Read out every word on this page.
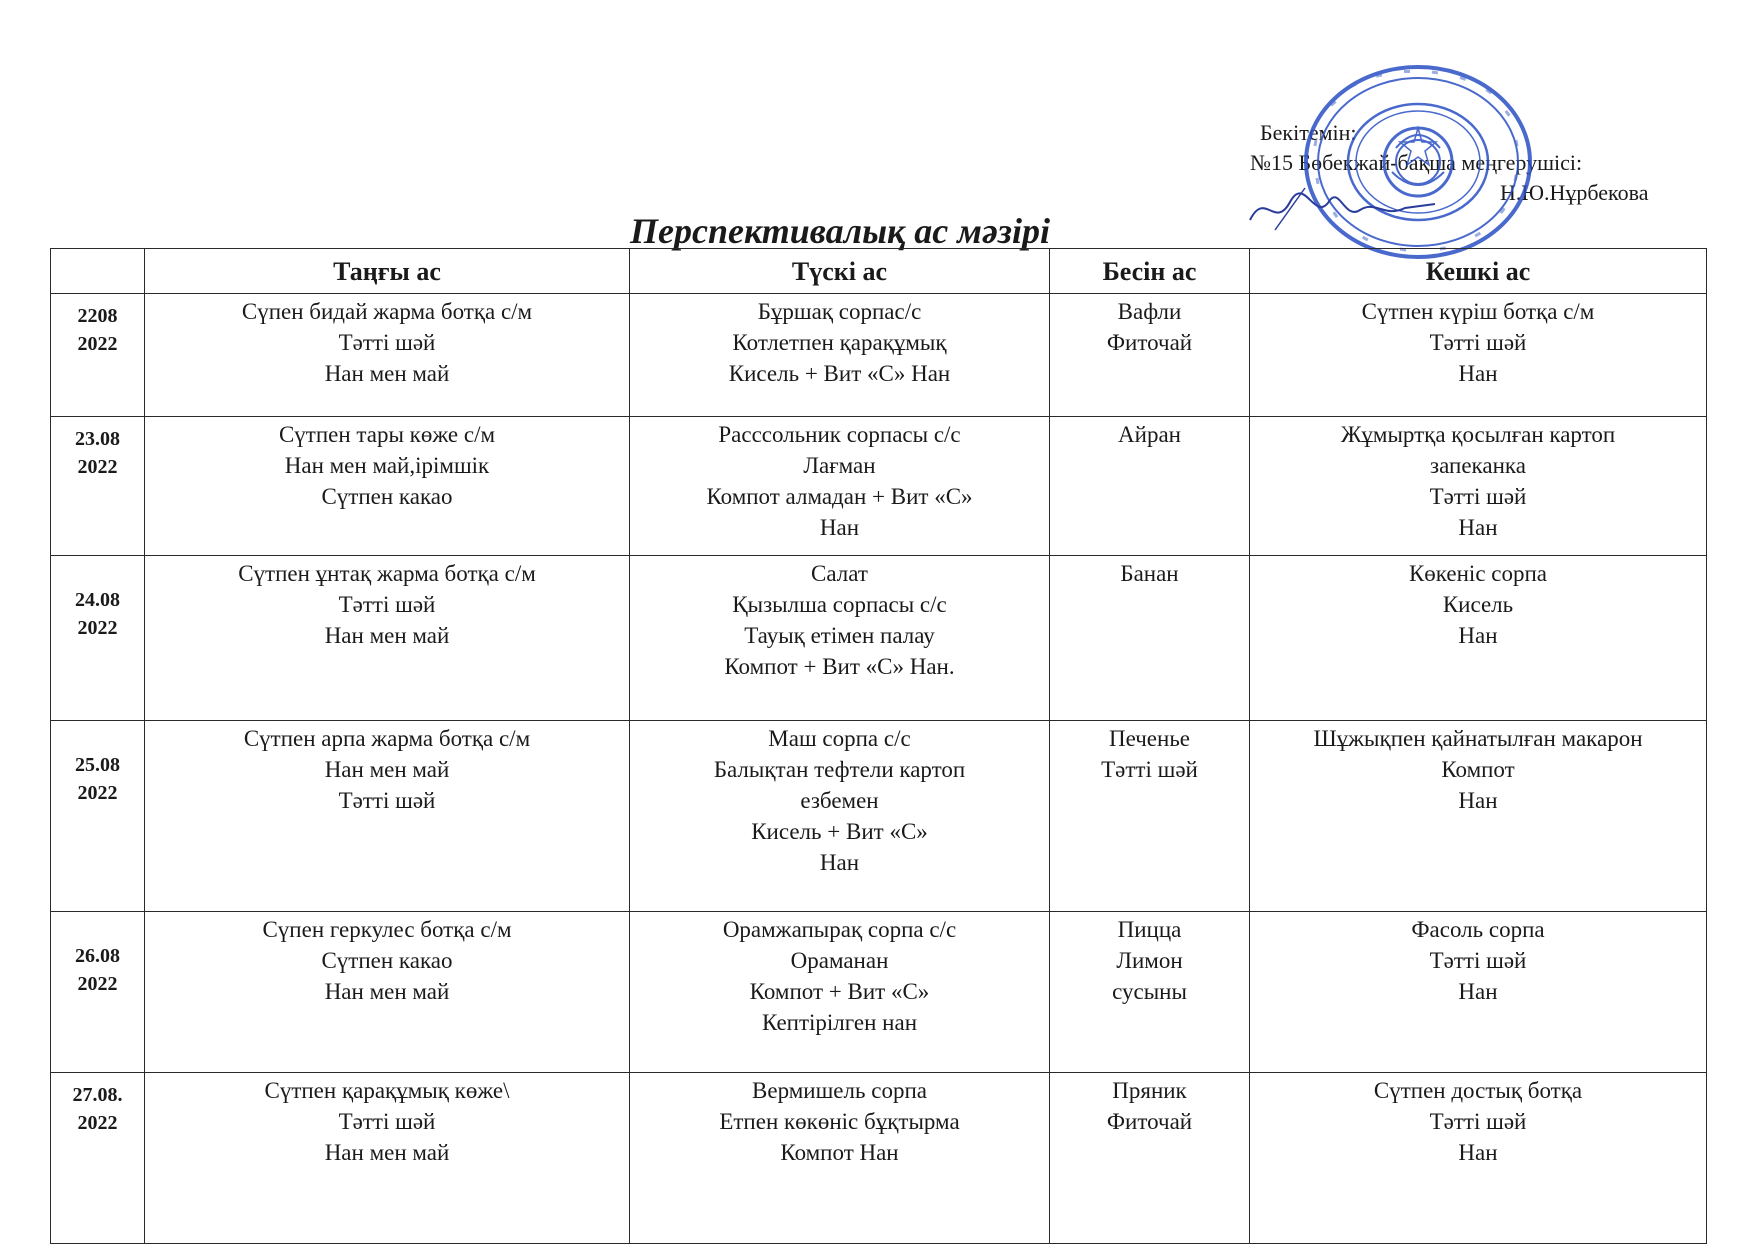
Бекітемін:
№15 Бөбекжай-бақша меңгерушісі:
Н.Ю.Нұрбекова
Перспективалық ас мәзірі
	Таңғы ас	Түскі ас	Бесін ас	Кешкі ас

2208
2022	Сүпен бидай жарма ботқа с/м
Тәтті шәй
Нан мен май	Бұршақ сорпас/с
Котлетпен қарақұмық
Кисель + Вит «С» Нан	Вафли
Фиточай	Сүтпен күріш ботқа с/м
Тәтті шәй
Нан

23.08
2022	Сүтпен тары көже с/м
Нан мен май,ірімшік
Сүтпен какао	Расссольник сорпасы с/с
Лағман
Компот алмадан + Вит «С»
Нан	Айран	Жұмыртқа қосылған картоп
запеканка
Тәтті шәй
Нан

24.08
2022	Сүтпен ұнтақ жарма ботқа с/м
Тәтті шәй
Нан мен май	Салат
Қызылша сорпасы с/с
Тауық етімен палау
Компот + Вит «С» Нан.	Банан	Көкеніс сорпа
Кисель
Нан

25.08
2022	Сүтпен арпа жарма ботқа с/м
Нан мен май
Тәтті шәй	Маш сорпа с/с
Балықтан тефтели картоп
езбемен
Кисель + Вит «С»
Нан	Печенье
Тәтті шәй	Шұжықпен қайнатылған макарон
Компот
Нан

26.08
2022	Сүпен геркулес ботқа с/м
Сүтпен какао
Нан мен май	Орамжапырақ сорпа с/с
Ораманан
Компот + Вит «С»
Кептірілген нан	Пицца
Лимон
сусыны	Фасоль сорпа
Тәтті шәй
Нан

27.08.
2022	Сүтпен қарақұмық көже\
Тәтті шәй
Нан мен май	Вермишель сорпа
Етпен көкөніс бұқтырма
Компот Нан	Пряник
Фиточай	Сүтпен достық ботқа
Тәтті шәй
Нан
